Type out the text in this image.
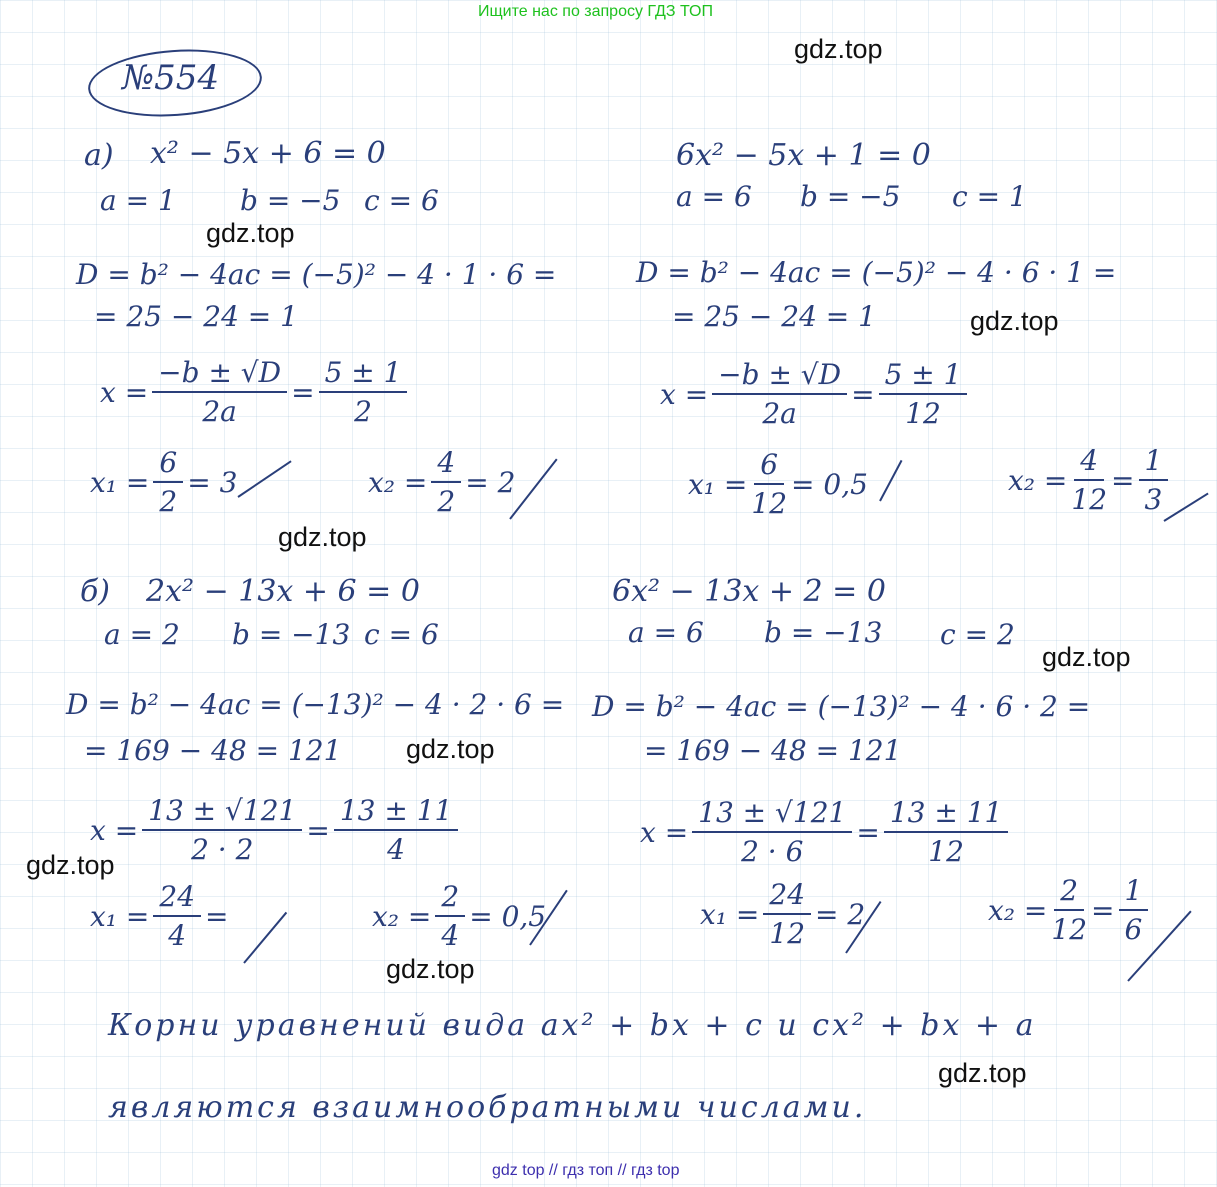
Ищите нас по запросу ГДЗ ТОП
№554
а) x² − 5x + 6 = 0
a = 1 b = −5 c = 6
D = b² − 4ac = (−5)² − 4 · 1 · 6 =
= 25 − 24 = 1
$x = \frac{-b \pm √D}{2a} = \frac{5 \pm 1}{2}$
$x_1 = \frac{6}{2} = 3$	$x_2 = \frac{4}{2} = 2$
6x² − 5x + 1 = 0
a = 6 b = −5 c = 1
D = b² − 4ac = (−5)² − 4 · 6 · 1 =
= 25 − 24 = 1
$x = \frac{-b \pm √D}{2a} = \frac{5 \pm 1}{12}$
$x_1 = \frac{6}{12} = 0,5$	$x_2 = \frac{4}{12} = \frac{1}{3}$
б) 2x² − 13x + 6 = 0
a = 2 b = −13 c = 6
D = b² − 4ac = (−13)² − 4 · 2 · 6 =
= 169 − 48 = 121
$x = \frac{13 \pm √121}{2 \cdot 2} = \frac{13 \pm 11}{4}$
$x_1 = \frac{24}{4}$ =	$x_2 = \frac{2}{4} = 0,5$
6x² − 13x + 2 = 0
a = 6 b = −13 c = 2
D = b² − 4ac = (−13)² − 4 · 6 · 2 =
= 169 − 48 = 121
$x = \frac{13 \pm √121}{2 \cdot 6} = \frac{13 \pm 11}{12}$
$x_1 = \frac{24}{12} = 2$	$x_2 = \frac{2}{12} = \frac{1}{6}$
Корни уравнений вида ax² + bx + c и cx² + bx + a
являются взаимнообратными числами.
gdz.top
gdz.top
gdz.top
gdz.top
gdz.top
gdz.top
gdz.top
gdz.top
gdz.top
gdz top // гдз топ // гдз top
